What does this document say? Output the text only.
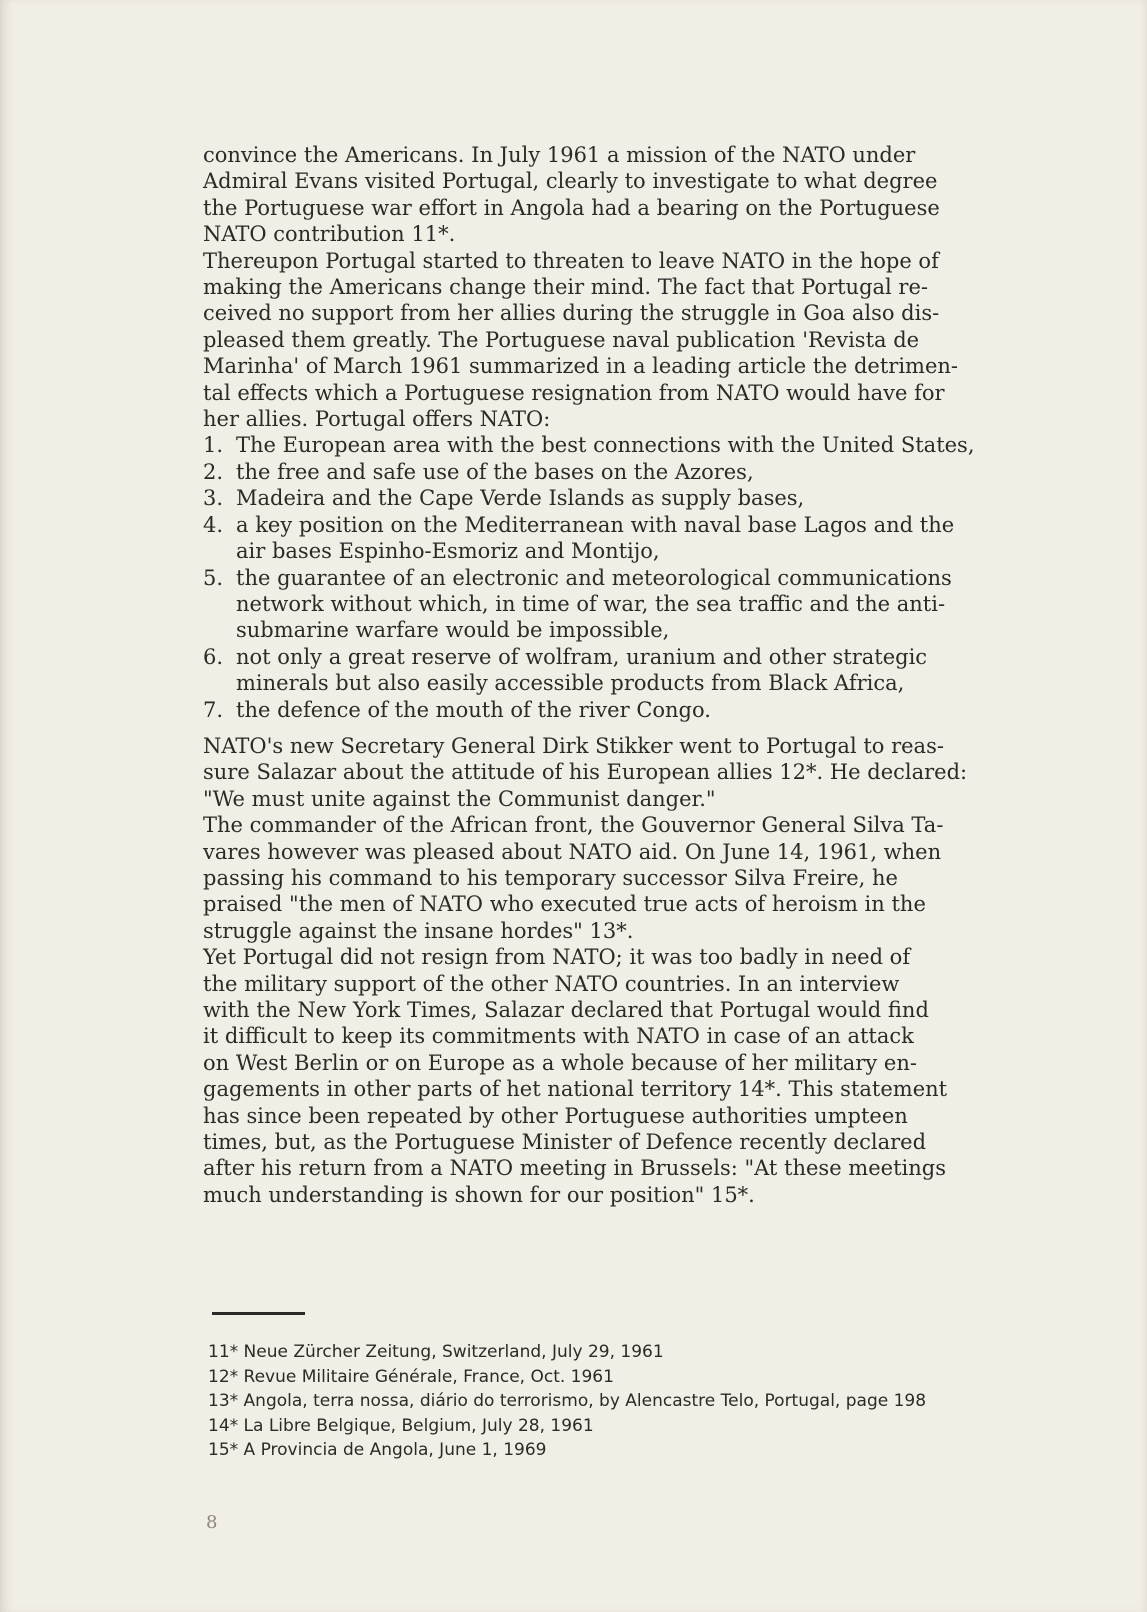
convince the Americans. In July 1961 a mission of the NATO under
Admiral Evans visited Portugal, clearly to investigate to what degree
the Portuguese war effort in Angola had a bearing on the Portuguese
NATO contribution 11*.

Thereupon Portugal started to threaten to leave NATO in the hope of
making the Americans change their mind. The fact that Portugal re-
ceived no support from her allies during the struggle in Goa also dis-
pleased them greatly. The Portuguese naval publication 'Revista de
Marinha' of March 1961 summarized in a leading article the detrimen-
tal effects which a Portuguese resignation from NATO would have for
her allies. Portugal offers NATO:

1. The European area with the best connections with the United States,
2. the free and safe use of the bases on the Azores,
3. Madeira and the Cape Verde Islands as supply bases,
4. a key position on the Mediterranean with naval base Lagos and the
air bases Espinho-Esmoriz and Montijo,
5. the guarantee of an electronic and meteorological communications
network without which, in time of war, the sea traffic and the anti-
submarine warfare would be impossible,
6. not only a great reserve of wolfram, uranium and other strategic
minerals but also easily accessible products from Black Africa,
7. the defence of the mouth of the river Congo.

NATO's new Secretary General Dirk Stikker went to Portugal to reas-
sure Salazar about the attitude of his European allies 12*. He declared:
"We must unite against the Communist danger."

The commander of the African front, the Gouvernor General Silva Ta-
vares however was pleased about NATO aid. On June 14, 1961, when
passing his command to his temporary successor Silva Freire, he
praised "the men of NATO who executed true acts of heroism in the
struggle against the insane hordes" 13*.

Yet Portugal did not resign from NATO; it was too badly in need of
the military support of the other NATO countries. In an interview
with the New York Times, Salazar declared that Portugal would find
it difficult to keep its commitments with NATO in case of an attack
on West Berlin or on Europe as a whole because of her military en-
gagements in other parts of het national territory 14*. This statement
has since been repeated by other Portuguese authorities umpteen
times, but, as the Portuguese Minister of Defence recently declared
after his return from a NATO meeting in Brussels: "At these meetings
much understanding is shown for our position" 15*.

11* Neue Zürcher Zeitung, Switzerland, July 29, 1961
12* Revue Militaire Générale, France, Oct. 1961
13* Angola, terra nossa, diário do terrorismo, by Alencastre Telo, Portugal, page 198
14* La Libre Belgique, Belgium, July 28, 1961
15* A Provincia de Angola, June 1, 1969
8
